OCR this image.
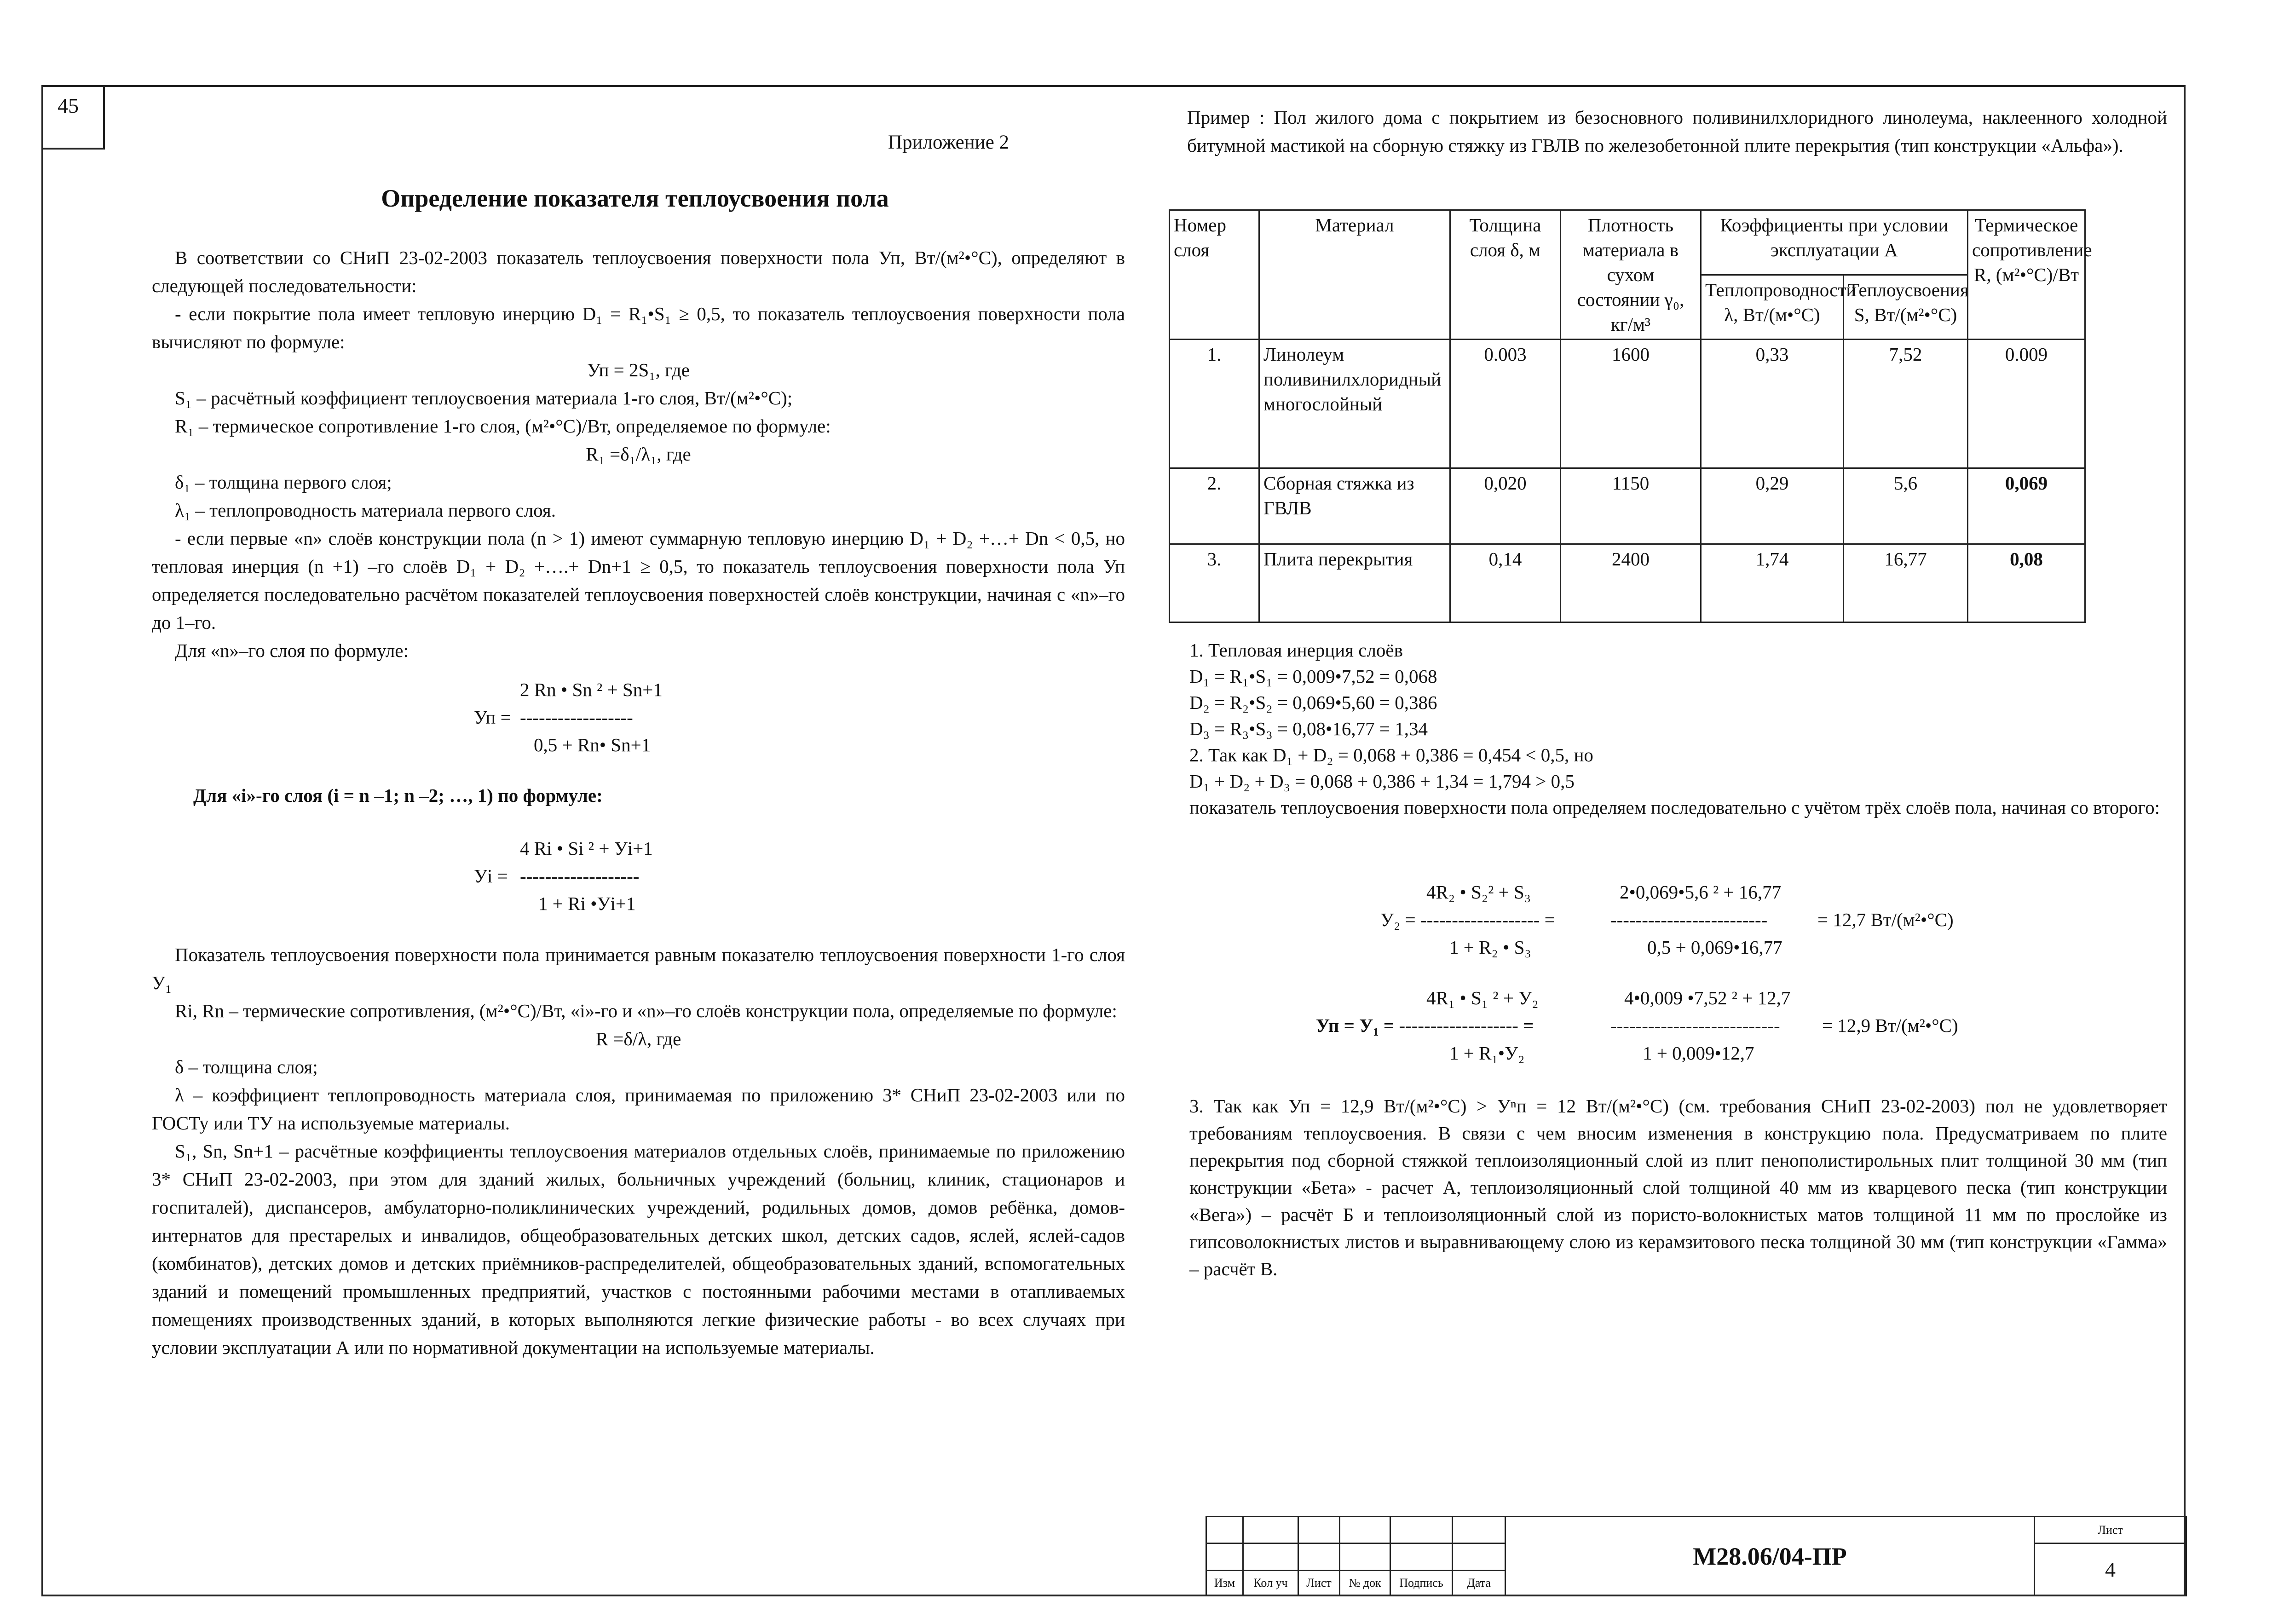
45
Приложение 2
Определение показателя теплоусвоения пола

В соответствии со СНиП 23-02-2003 показатель теплоусвоения поверхности пола Уп, Вт/(м²•°С), определяют в следующей последовательности:

- если покрытие пола имеет тепловую инерцию D₁ = R₁•S₁ ≥ 0,5, то показатель теплоусвоения поверхности пола вычисляют по формуле:

Уп = 2S₁, где

S₁ – расчётный коэффициент теплоусвоения материала 1-го слоя, Вт/(м²•°С);

R₁ – термическое сопротивление 1-го слоя, (м²•°С)/Вт, определяемое по формуле:

R₁ =δ₁/λ₁, где

δ₁ – толщина первого слоя;

λ₁ – теплопроводность материала первого слоя.

- если первые «n» слоёв конструкции пола (n > 1) имеют суммарную тепловую инерцию D₁ + D₂ +…+ Dn < 0,5, но тепловая инерция (n +1) –го слоёв D₁ + D₂ +….+ Dn+1 ≥ 0,5, то показатель теплоусвоения поверхности пола Уп определяется последовательно расчётом показателей теплоусвоения поверхностей слоёв конструкции, начиная с «n»–го до 1–го.

Для «n»–го слоя по формуле:

2 Rn • Sn ² + Sn+1
Уп = ------------------
0,5 + Rn• Sn+1
Для «i»-го слоя (i = n –1; n –2; …, 1) по формуле:
4 Ri • Si ² + Уi+1
Уi = -------------------
1 + Ri •Уi+1

Показатель теплоусвоения поверхности пола принимается равным показателю теплоусвоения поверхности 1-го слоя У₁

Ri, Rn – термические сопротивления, (м²•°С)/Вт, «i»-го и «n»–го слоёв конструкции пола, определяемые по формуле:

R =δ/λ, где

δ – толщина слоя;

λ – коэффициент теплопроводность материала слоя, принимаемая по приложению 3* СНиП 23-02-2003 или по ГОСТу или ТУ на используемые материалы.

S₁, Sn, Sn+1 – расчётные коэффициенты теплоусвоения материалов отдельных слоёв, принимаемые по приложению 3* СНиП 23-02-2003, при этом для зданий жилых, больничных учреждений (больниц, клиник, стационаров и госпиталей), диспансеров, амбулаторно-поликлинических учреждений, родильных домов, домов ребёнка, домов-интернатов для престарелых и инвалидов, общеобразовательных детских школ, детских садов, яслей, яслей-садов (комбинатов), детских домов и детских приёмников-распределителей, общеобразовательных зданий, вспомогательных зданий и помещений промышленных предприятий, участков с постоянными рабочими местами в отапливаемых помещениях производственных зданий, в которых выполняются легкие физические работы - во всех случаях при условии эксплуатации А или по нормативной документации на используемые материалы.

Пример : Пол жилого дома с покрытием из безосновного поливинилхлоридного линолеума, наклеенного холодной битумной мастикой на сборную стяжку из ГВЛВ по железобетонной плите перекрытия (тип конструкции «Альфа»).
Номер слоя	Материал	Толщина слоя δ, м	Плотность материала в сухом состоянии γ₀, кг/м³	Коэффициенты при условии эксплуатации А		Термическое сопротивление R, (м²•°С)/Вт
				Теплопроводности λ, Вт/(м•°С)	Теплоусвоения S, Вт/(м²•°С)	
1.	Линолеум поливинилхлоридный многослойный	0.003	1600	0,33	7,52	0.009
2.	Сборная стяжка из ГВЛВ	0,020	1150	0,29	5,6	0,069
3.	Плита перекрытия	0,14	2400	1,74	16,77	0,08

1. Тепловая инерция слоёв

D₁ = R₁•S₁ = 0,009•7,52 = 0,068

D₂ = R₂•S₂ = 0,069•5,60 = 0,386

D₃ = R₃•S₃ = 0,08•16,77 = 1,34

2. Так как D₁ + D₂ = 0,068 + 0,386 = 0,454 < 0,5, но

D₁ + D₂ + D₃ = 0,068 + 0,386 + 1,34 = 1,794 > 0,5

показатель теплоусвоения поверхности пола определяем последовательно с учётом трёх слоёв пола, начиная со второго:

4R₂ • S₂² + S₃
У₂ = ------------------- =
1 + R₂ • S₃
2•0,069•5,6 ² + 16,77
-------------------------	= 12,7 Вт/(м²•°С)
0,5 + 0,069•16,77
4R₁ • S₁ ² + У₂
Уп = У₁ = ------------------- =
1 + R₁•У₂
4•0,009 •7,52 ² + 12,7
--------------------------- = 12,9 Вт/(м²•°С)
1 + 0,009•12,7
3. Так как Уп = 12,9 Вт/(м²•°С) > Уⁿп = 12 Вт/(м²•°С) (см. требования СНиП 23-02-2003) пол не удовлетворяет требованиям теплоусвоения. В связи с чем вносим изменения в конструкцию пола. Предусматриваем по плите перекрытия под сборной стяжкой теплоизоляционный слой из плит пенополистирольных плит толщиной 30 мм (тип конструкции «Бета» - расчет А, теплоизоляционный слой толщиной 40 мм из кварцевого песка (тип конструкции «Вега») – расчёт Б и теплоизоляционный слой из пористо-волокнистых матов толщиной 11 мм по прослойке из гипсоволокнистых листов и выравнивающему слою из керамзитового песка толщиной 30 мм (тип конструкции «Гамма» – расчёт В.
						М28.06/04-ПР	Лист
							4
Изм	Кол уч	Лист	№ док	Подпись	Дата		
